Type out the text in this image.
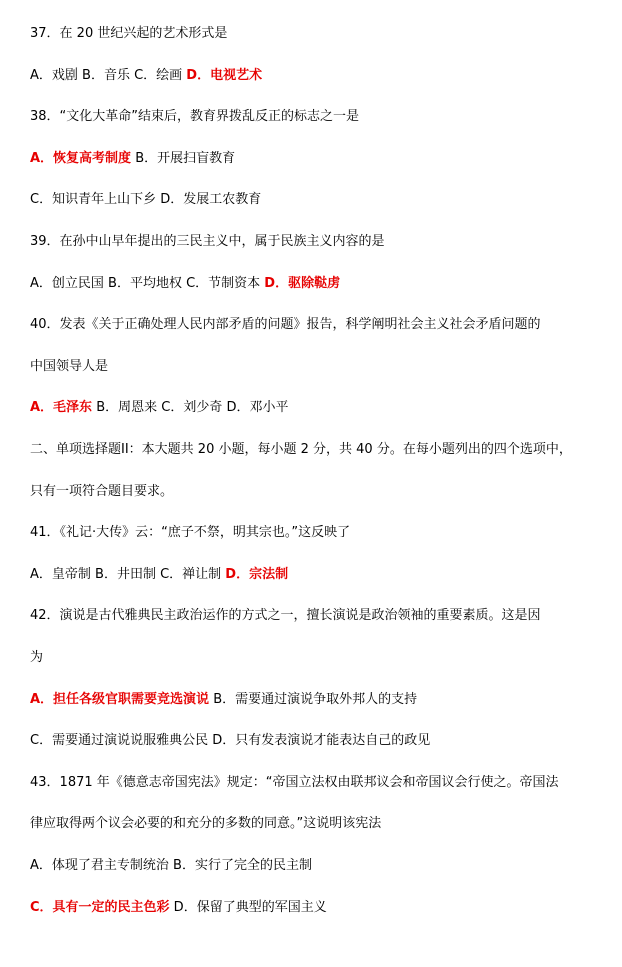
37．在 20 世纪兴起的艺术形式是
A．戏剧 B．音乐 C．绘画 D．电视艺术
38．“文化大革命”结束后，教育界拨乱反正的标志之一是
A．恢复高考制度 B．开展扫盲教育
C．知识青年上山下乡 D．发展工农教育
39．在孙中山早年提出的三民主义中，属于民族主义内容的是
A．创立民国 B．平均地权 C．节制资本 D．驱除鞑虏
40．发表《关于正确处理人民内部矛盾的问题》报告，科学阐明社会主义社会矛盾问题的
中国领导人是
A．毛泽东 B．周恩来 C．刘少奇 D．邓小平
二、单项选择题II：本大题共 20 小题，每小题 2 分，共 40 分。在每小题列出的四个选项中，
只有一项符合题目要求。
41．《礼记·大传》云：“庶子不祭，明其宗也。”这反映了
A．皇帝制 B．井田制 C．禅让制 D．宗法制
42．演说是古代雅典民主政治运作的方式之一，擅长演说是政治领袖的重要素质。这是因
为
A．担任各级官职需要竞选演说 B．需要通过演说争取外邦人的支持
C．需要通过演说说服雅典公民 D．只有发表演说才能表达自己的政见
43．1871 年《德意志帝国宪法》规定：“帝国立法权由联邦议会和帝国议会行使之。帝国法
律应取得两个议会必要的和充分的多数的同意。”这说明该宪法
A．体现了君主专制统治 B．实行了完全的民主制
C．具有一定的民主色彩 D．保留了典型的军国主义
